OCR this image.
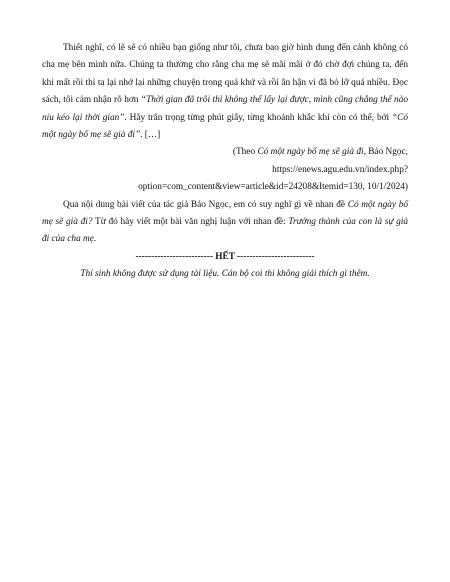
Thiết nghĩ, có lẽ sẽ có nhiều bạn giống như tôi, chưa bao giờ hình dung đến cảnh không có cha mẹ bên mình nữa. Chúng ta thường cho rằng cha mẹ sẽ mãi mãi ở đó chờ đợi chúng ta, đến khi mất rồi thì ta lại nhớ lại những chuyện trong quá khứ và rồi ân hận vì đã bỏ lỡ quá nhiều. Đọc sách, tôi cảm nhận rõ hơn “Thời gian đã trôi thì không thể lấy lại được, mình cũng chẳng thể nào níu kéo lại thời gian”. Hãy trân trọng từng phút giây, từng khoảnh khắc khi còn có thể, bởi “Có một ngày bố mẹ sẽ già đi”. […]

(Theo Có một ngày bố mẹ sẽ già đi, Bảo Ngọc,

https://enews.agu.edu.vn/index.php?

option=com_content&view=article&id=24208&Itemid=130, 10/1/2024)

Qua nội dung bài viết của tác giả Bảo Ngọc, em có suy nghĩ gì về nhan đề Có một ngày bố mẹ sẽ già đi? Từ đó hãy viết một bài văn nghị luận với nhan đề: Trưởng thành của con là sự già đi của cha mẹ.

------------------------- HẾT -------------------------

Thí sinh không được sử dụng tài liệu. Cán bộ coi thi không giải thích gì thêm.
